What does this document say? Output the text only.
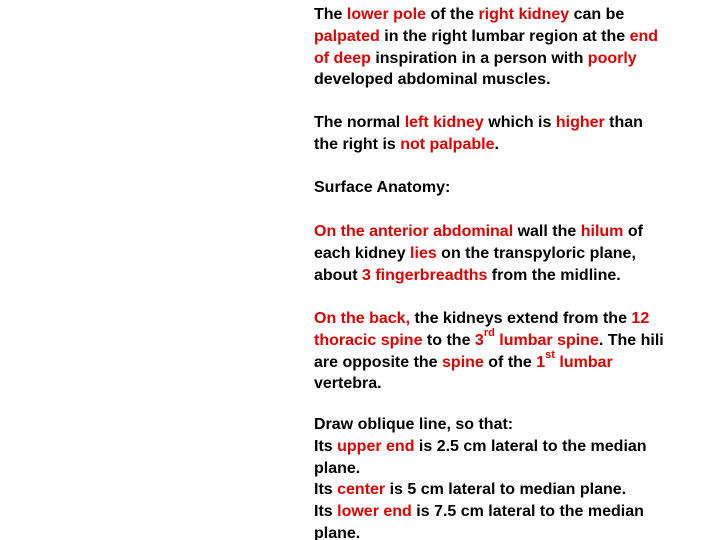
The lower pole of the right kidney can be
palpated in the right lumbar region at the end
of deep inspiration in a person with poorly
developed abdominal muscles.
The normal left kidney which is higher than
the right is not palpable.
Surface Anatomy:
On the anterior abdominal wall the hilum of
each kidney lies on the transpyloric plane,
about 3 fingerbreadths from the midline.
On the back, the kidneys extend from the 12
thoracic spine to the 3rd lumbar spine. The hili
are opposite the spine of the 1st lumbar
vertebra.
Draw oblique line, so that:
Its upper end is 2.5 cm lateral to the median
plane.
Its center is 5 cm lateral to median plane.
Its lower end is 7.5 cm lateral to the median
plane.
